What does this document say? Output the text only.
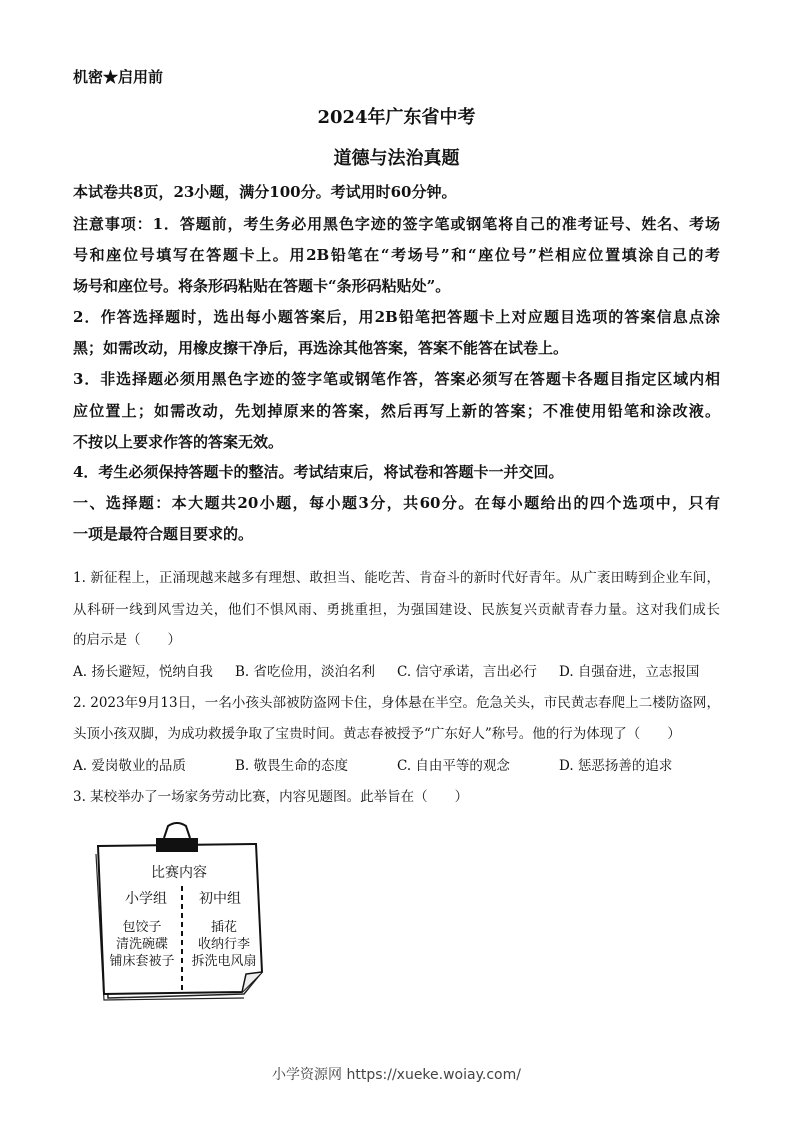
机密★启用前
2024年广东省中考
道德与法治真题
本试卷共8页，23小题，满分100分。考试用时60分钟。
注意事项：1．答题前，考生务必用黑色字迹的签字笔或钢笔将自己的准考证号、姓名、考场
号和座位号填写在答题卡上。用2B铅笔在“考场号”和“座位号”栏相应位置填涂自己的考
场号和座位号。将条形码粘贴在答题卡“条形码粘贴处”。
2．作答选择题时，选出每小题答案后，用2B铅笔把答题卡上对应题目选项的答案信息点涂
黑；如需改动，用橡皮擦干净后，再选涂其他答案，答案不能答在试卷上。
3．非选择题必须用黑色字迹的签字笔或钢笔作答，答案必须写在答题卡各题目指定区域内相
应位置上；如需改动，先划掉原来的答案，然后再写上新的答案；不准使用铅笔和涂改液。
不按以上要求作答的答案无效。
4．考生必须保持答题卡的整洁。考试结束后，将试卷和答题卡一并交回。
一、选择题：本大题共20小题，每小题3分，共60分。在每小题给出的四个选项中，只有
一项是最符合题目要求的。
1. 新征程上，正涌现越来越多有理想、敢担当、能吃苦、肯奋斗的新时代好青年。从广袤田畴到企业车间，
从科研一线到风雪边关，他们不惧风雨、勇挑重担，为强国建设、民族复兴贡献青春力量。这对我们成长
的启示是（　　）
A. 扬长避短，悦纳自我	B. 省吃俭用，淡泊名利	C. 信守承诺，言出必行	D. 自强奋进，立志报国
2. 2023年9月13日，一名小孩头部被防盗网卡住，身体悬在半空。危急关头，市民黄志春爬上二楼防盗网，
头顶小孩双脚，为成功救援争取了宝贵时间。黄志春被授予“广东好人”称号。他的行为体现了（　　）
A. 爱岗敬业的品质	B. 敬畏生命的态度	C. 自由平等的观念	D. 惩恶扬善的追求
3. 某校举办了一场家务劳动比赛，内容见题图。此举旨在（　　）
比赛内容
小学组	初中组
包饺子
清洗碗碟
铺床套被子
插花
收纳行李
拆洗电风扇
小学资源网 https://xueke.woiay.com/
